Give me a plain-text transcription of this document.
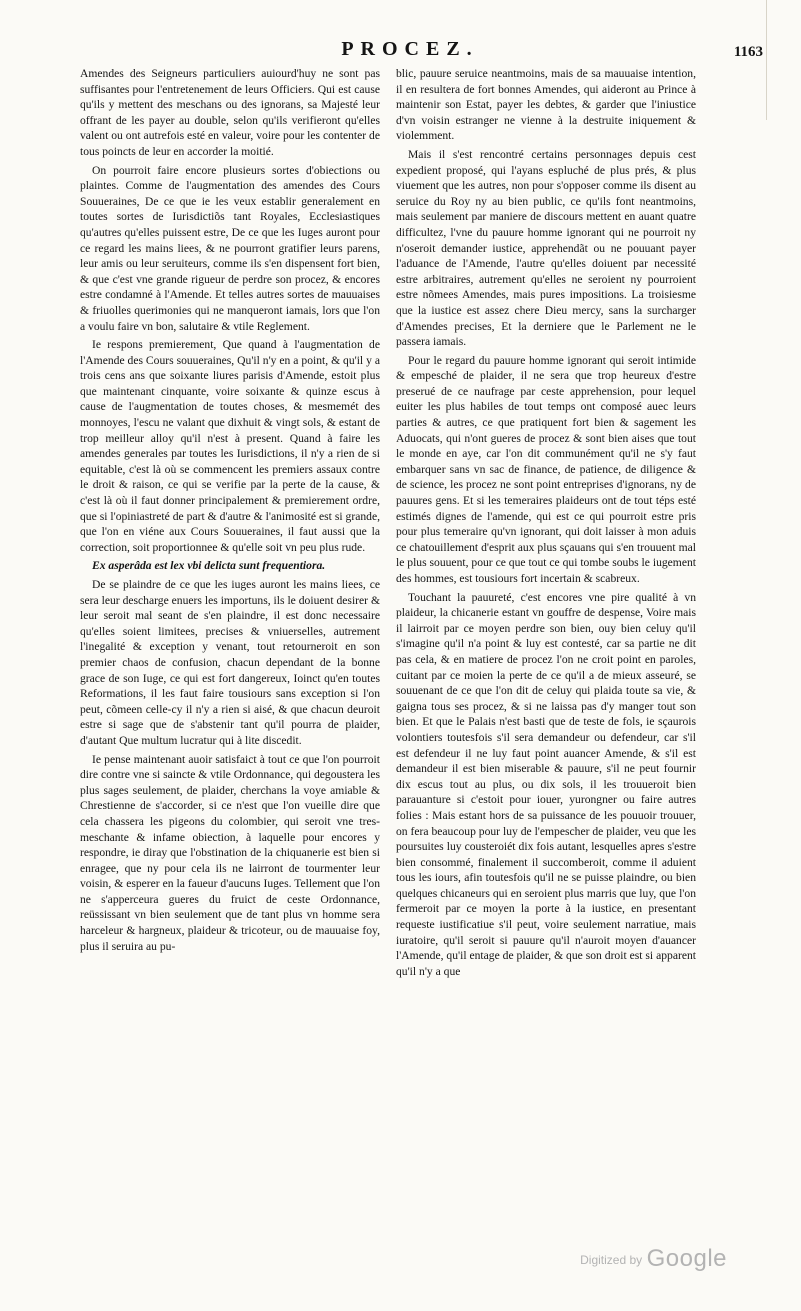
PROCEZ.	1163

Amendes des Seigneurs particuliers auiourd'huy ne sont pas suffisantes pour l'entretenement de leurs Officiers. Qui est cause qu'ils y mettent des meschans ou des ignorans, sa Majesté leur offrant de les payer au double, selon qu'ils verifieront qu'elles valent ou ont autrefois esté en valeur, voire pour les contenter de tous poincts de leur en accorder la moitié.

On pourroit faire encore plusieurs sortes d'obiections ou plaintes. Comme de l'augmentation des amendes des Cours Souueraines, De ce que ie les veux establir generalement en toutes sortes de Iurisdictiõs tant Royales, Ecclesiastiques qu'autres qu'elles puissent estre, De ce que les Iuges auront pour ce regard les mains liees, & ne pourront gratifier leurs parens, leur amis ou leur seruiteurs, comme ils s'en dispensent fort bien, & que c'est vne grande rigueur de perdre son procez, & encores estre condamné à l'Amende. Et telles autres sortes de mauuaises & friuolles querimonies qui ne manqueront iamais, lors que l'on a voulu faire vn bon, salutaire & vtile Reglement.

Ie respons premierement, Que quand à l'augmentation de l'Amende des Cours souueraines, Qu'il n'y en a point, & qu'il y a trois cens ans que soixante liures parisis d'Amende, estoit plus que maintenant cinquante, voire soixante & quinze escus à cause de l'augmentation de toutes choses, & mesmemét des monnoyes, l'escu ne valant que dixhuit & vingt sols, & estant de trop meilleur alloy qu'il n'est à present. Quand à faire les amendes generales par toutes les Iurisdictions, il n'y a rien de si equitable, c'est là où se commencent les premiers assaux contre le droit & raison, ce qui se verifie par la perte de la cause, & c'est là où il faut donner principalement & premierement ordre, que si l'opiniastreté de part & d'autre & l'animosité est si grande, que l'on en viéne aux Cours Souueraines, il faut aussi que la correction, soit proportionnee & qu'elle soit vn peu plus rude.

Ex asperâda est lex vbi delicta sunt frequentiora.

De se plaindre de ce que les iuges auront les mains liees, ce sera leur descharge enuers les importuns, ils le doiuent desirer & leur seroit mal seant de s'en plaindre, il est donc necessaire qu'elles soient limitees, precises & vniuerselles, autrement l'inegalité & exception y venant, tout retourneroit en son premier chaos de confusion, chacun dependant de la bonne grace de son Iuge, ce qui est fort dangereux, Ioinct qu'en toutes Reformations, il les faut faire tousiours sans exception si l'on peut, cõmeen celle-cy il n'y a rien si aisé, & que chacun deuroit estre si sage que de s'abstenir tant qu'il pourra de plaider, d'autant Que multum lucratur qui à lite discedit.

Ie pense maintenant auoir satisfaict à tout ce que l'on pourroit dire contre vne si saincte & vtile Ordonnance, qui degoustera les plus sages seulement, de plaider, cherchans la voye amiable & Chrestienne de s'accorder, si ce n'est que l'on vueille dire que cela chassera les pigeons du colombier, qui seroit vne tres-meschante & infame obiection, à laquelle pour encores y respondre, ie diray que l'obstination de la chiquanerie est bien si enragee, que ny pour cela ils ne lairront de tourmenter leur voisin, & esperer en la faueur d'aucuns Iuges. Tellement que l'on ne s'apperceura gueres du fruict de ceste Ordonnance, reüssissant vn bien seulement que de tant plus vn homme sera harceleur & hargneux, plaideur & tricoteur, ou de mauuaise foy, plus il seruira au pu-

blic, pauure seruice neantmoins, mais de sa mauuaise intention, il en resultera de fort bonnes Amendes, qui aideront au Prince à maintenir son Estat, payer les debtes, & garder que l'iniustice d'vn voisin estranger ne vienne à la destruite iniquement & violemment.

Mais il s'est rencontré certains personnages depuis cest expedient proposé, qui l'ayans espluché de plus prés, & plus viuement que les autres, non pour s'opposer comme ils disent au seruice du Roy ny au bien public, ce qu'ils font neantmoins, mais seulement par maniere de discours mettent en auant quatre difficultez, l'vne du pauure homme ignorant qui ne pourroit ny n'oseroit demander iustice, apprehendãt ou ne pouuant payer l'aduance de l'Amende, l'autre qu'elles doiuent par necessité estre arbitraires, autrement qu'elles ne seroient ny pourroient estre nõmees Amendes, mais pures impositions. La troisiesme que la iustice est assez chere Dieu mercy, sans la surcharger d'Amendes precises, Et la derniere que le Parlement ne le passera iamais.

Pour le regard du pauure homme ignorant qui seroit intimide & empesché de plaider, il ne sera que trop heureux d'estre preserué de ce naufrage par ceste apprehension, pour lequel euiter les plus habiles de tout temps ont composé auec leurs parties & autres, ce que pratiquent fort bien & sagement les Aduocats, qui n'ont gueres de procez & sont bien aises que tout le monde en aye, car l'on dit communément qu'il ne s'y faut embarquer sans vn sac de finance, de patience, de diligence & de science, les procez ne sont point entreprises d'ignorans, ny de pauures gens. Et si les temeraires plaideurs ont de tout téps esté estimés dignes de l'amende, qui est ce qui pourroit estre pris pour plus temeraire qu'vn ignorant, qui doit laisser à mon aduis ce chatouillement d'esprit aux plus sçauans qui s'en trouuent mal le plus souuent, pour ce que tout ce qui tombe soubs le iugement des hommes, est tousiours fort incertain & scabreux.

Touchant la pauureté, c'est encores vne pire qualité à vn plaideur, la chicanerie estant vn gouffre de despense, Voire mais il lairroit par ce moyen perdre son bien, ouy bien celuy qu'il s'imagine qu'il n'a point & luy est contesté, car sa partie ne dit pas cela, & en matiere de procez l'on ne croit point en paroles, cuitant par ce moien la perte de ce qu'il a de mieux asseuré, se souuenant de ce que l'on dit de celuy qui plaida toute sa vie, & gaigna tous ses procez, & si ne laissa pas d'y manger tout son bien. Et que le Palais n'est basti que de teste de fols, ie sçaurois volontiers toutesfois s'il sera demandeur ou defendeur, car s'il est defendeur il ne luy faut point auancer Amende, & s'il est demandeur il est bien miserable & pauure, s'il ne peut fournir dix escus tout au plus, ou dix sols, il les trouueroit bien parauanture si c'estoit pour iouer, yurongner ou faire autres folies : Mais estant hors de sa puissance de les pouuoir trouuer, on fera beaucoup pour luy de l'empescher de plaider, veu que les poursuites luy cousteroiét dix fois autant, lesquelles apres s'estre bien consommé, finalement il succomberoit, comme il aduient tous les iours, afin toutesfois qu'il ne se puisse plaindre, ou bien quelques chicaneurs qui en seroient plus marris que luy, que l'on fermeroit par ce moyen la porte à la iustice, en presentant requeste iustificatiue s'il peut, voire seulement narratiue, mais iuratoire, qu'il seroit si pauure qu'il n'auroit moyen d'auancer l'Amende, qu'il entage de plaider, & que son droit est si apparent qu'il n'y a que

Digitized by Google
